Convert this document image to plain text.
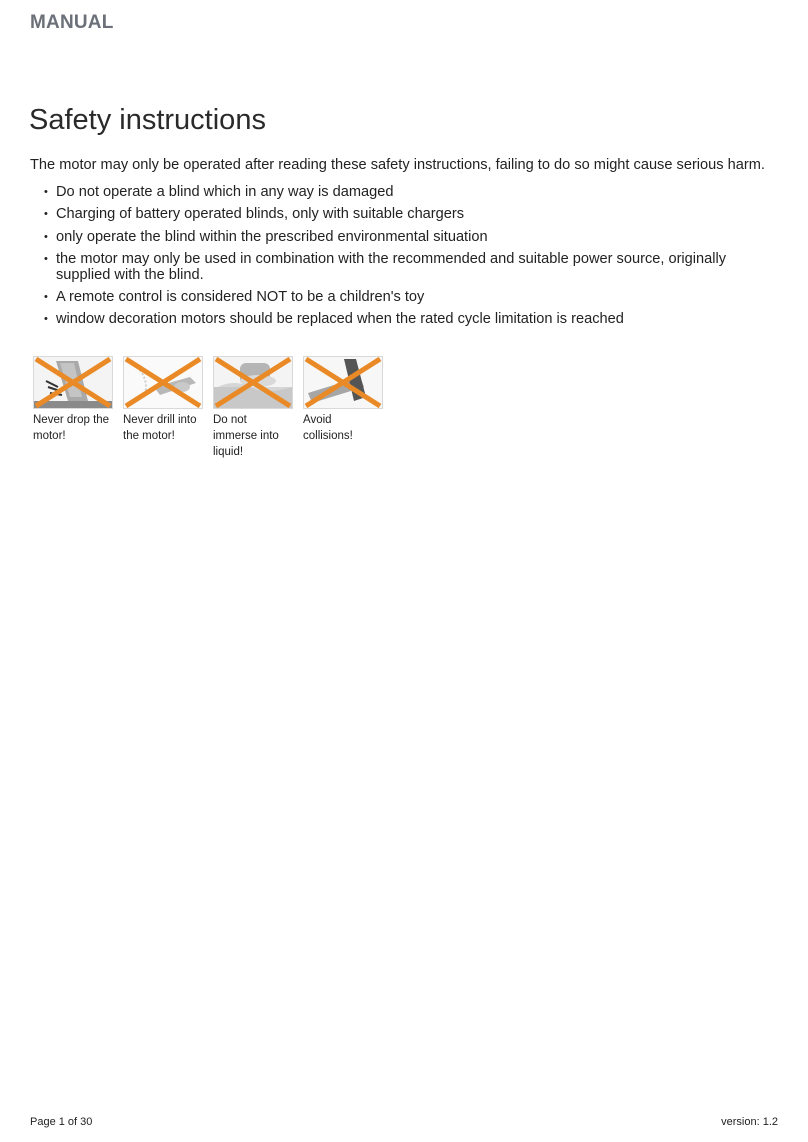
MANUAL
Safety instructions

The motor may only be operated after reading these safety instructions, failing to do so might cause serious harm.

• Do not operate a blind which in any way is damaged
• Charging of battery operated blinds, only with suitable chargers
• only operate the blind within the prescribed environmental situation
• the motor may only be used in combination with the recommended and suitable power source, originally supplied with the blind.
• A remote control is considered NOT to be a children's toy
• window decoration motors should be replaced when the rated cycle limitation is reached
Never drop the motor!
Never drill into the motor!
Do not immerse into liquid!
Avoid collisions!
Page 1 of 30	version: 1.2
